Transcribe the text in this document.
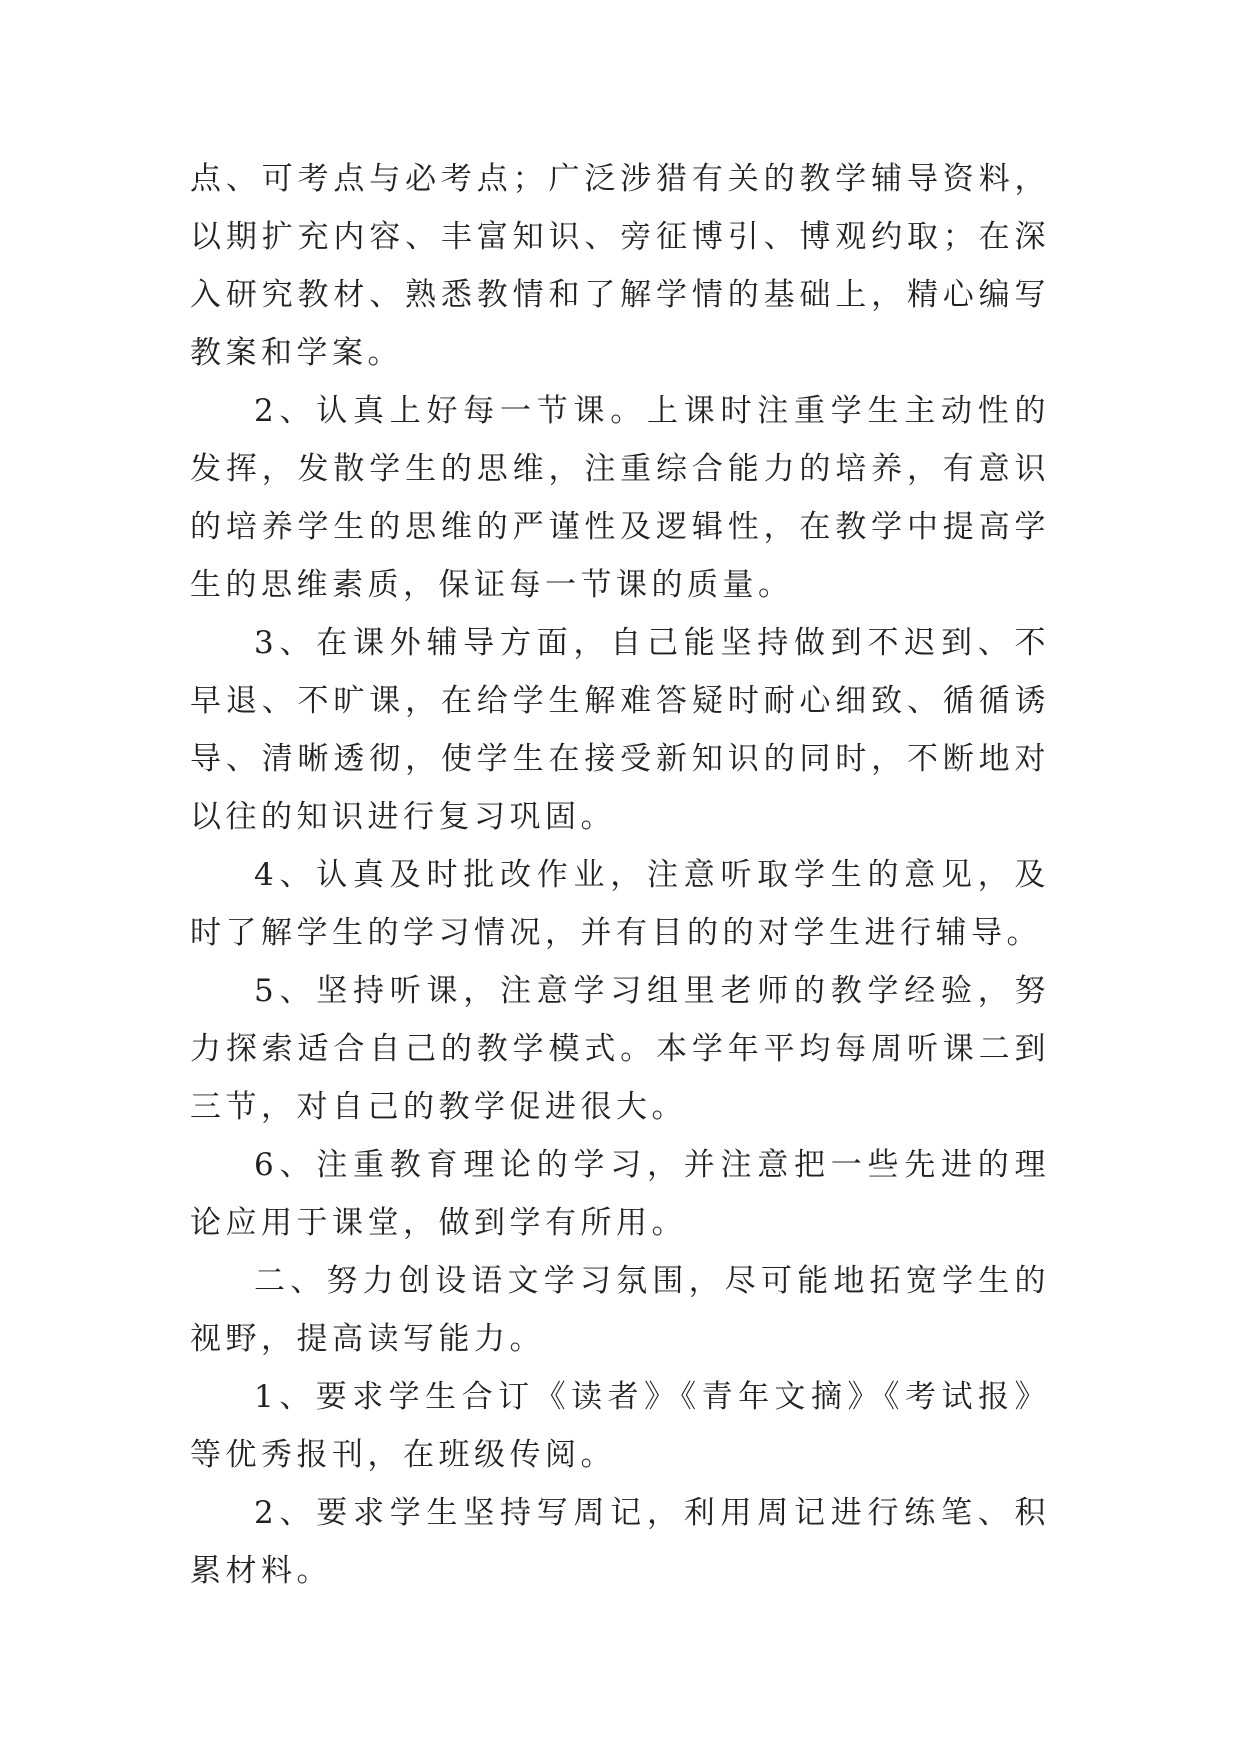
点、可考点与必考点；广泛涉猎有关的教学辅导资料，以期扩充内容、丰富知识、旁征博引、博观约取；在深入研究教材、熟悉教情和了解学情的基础上，精心编写教案和学案。

2、认真上好每一节课。上课时注重学生主动性的发挥，发散学生的思维，注重综合能力的培养，有意识的培养学生的思维的严谨性及逻辑性，在教学中提高学生的思维素质，保证每一节课的质量。

3、在课外辅导方面，自己能坚持做到不迟到、不早退、不旷课，在给学生解难答疑时耐心细致、循循诱导、清晰透彻，使学生在接受新知识的同时，不断地对以往的知识进行复习巩固。

4、认真及时批改作业，注意听取学生的意见，及时了解学生的学习情况，并有目的的对学生进行辅导。

5、坚持听课，注意学习组里老师的教学经验，努力探索适合自己的教学模式。本学年平均每周听课二到三节，对自己的教学促进很大。

6、注重教育理论的学习，并注意把一些先进的理论应用于课堂，做到学有所用。

二、努力创设语文学习氛围，尽可能地拓宽学生的视野，提高读写能力。

1、要求学生合订《读者》《青年文摘》《考试报》等优秀报刊，在班级传阅。

2、要求学生坚持写周记，利用周记进行练笔、积累材料。
